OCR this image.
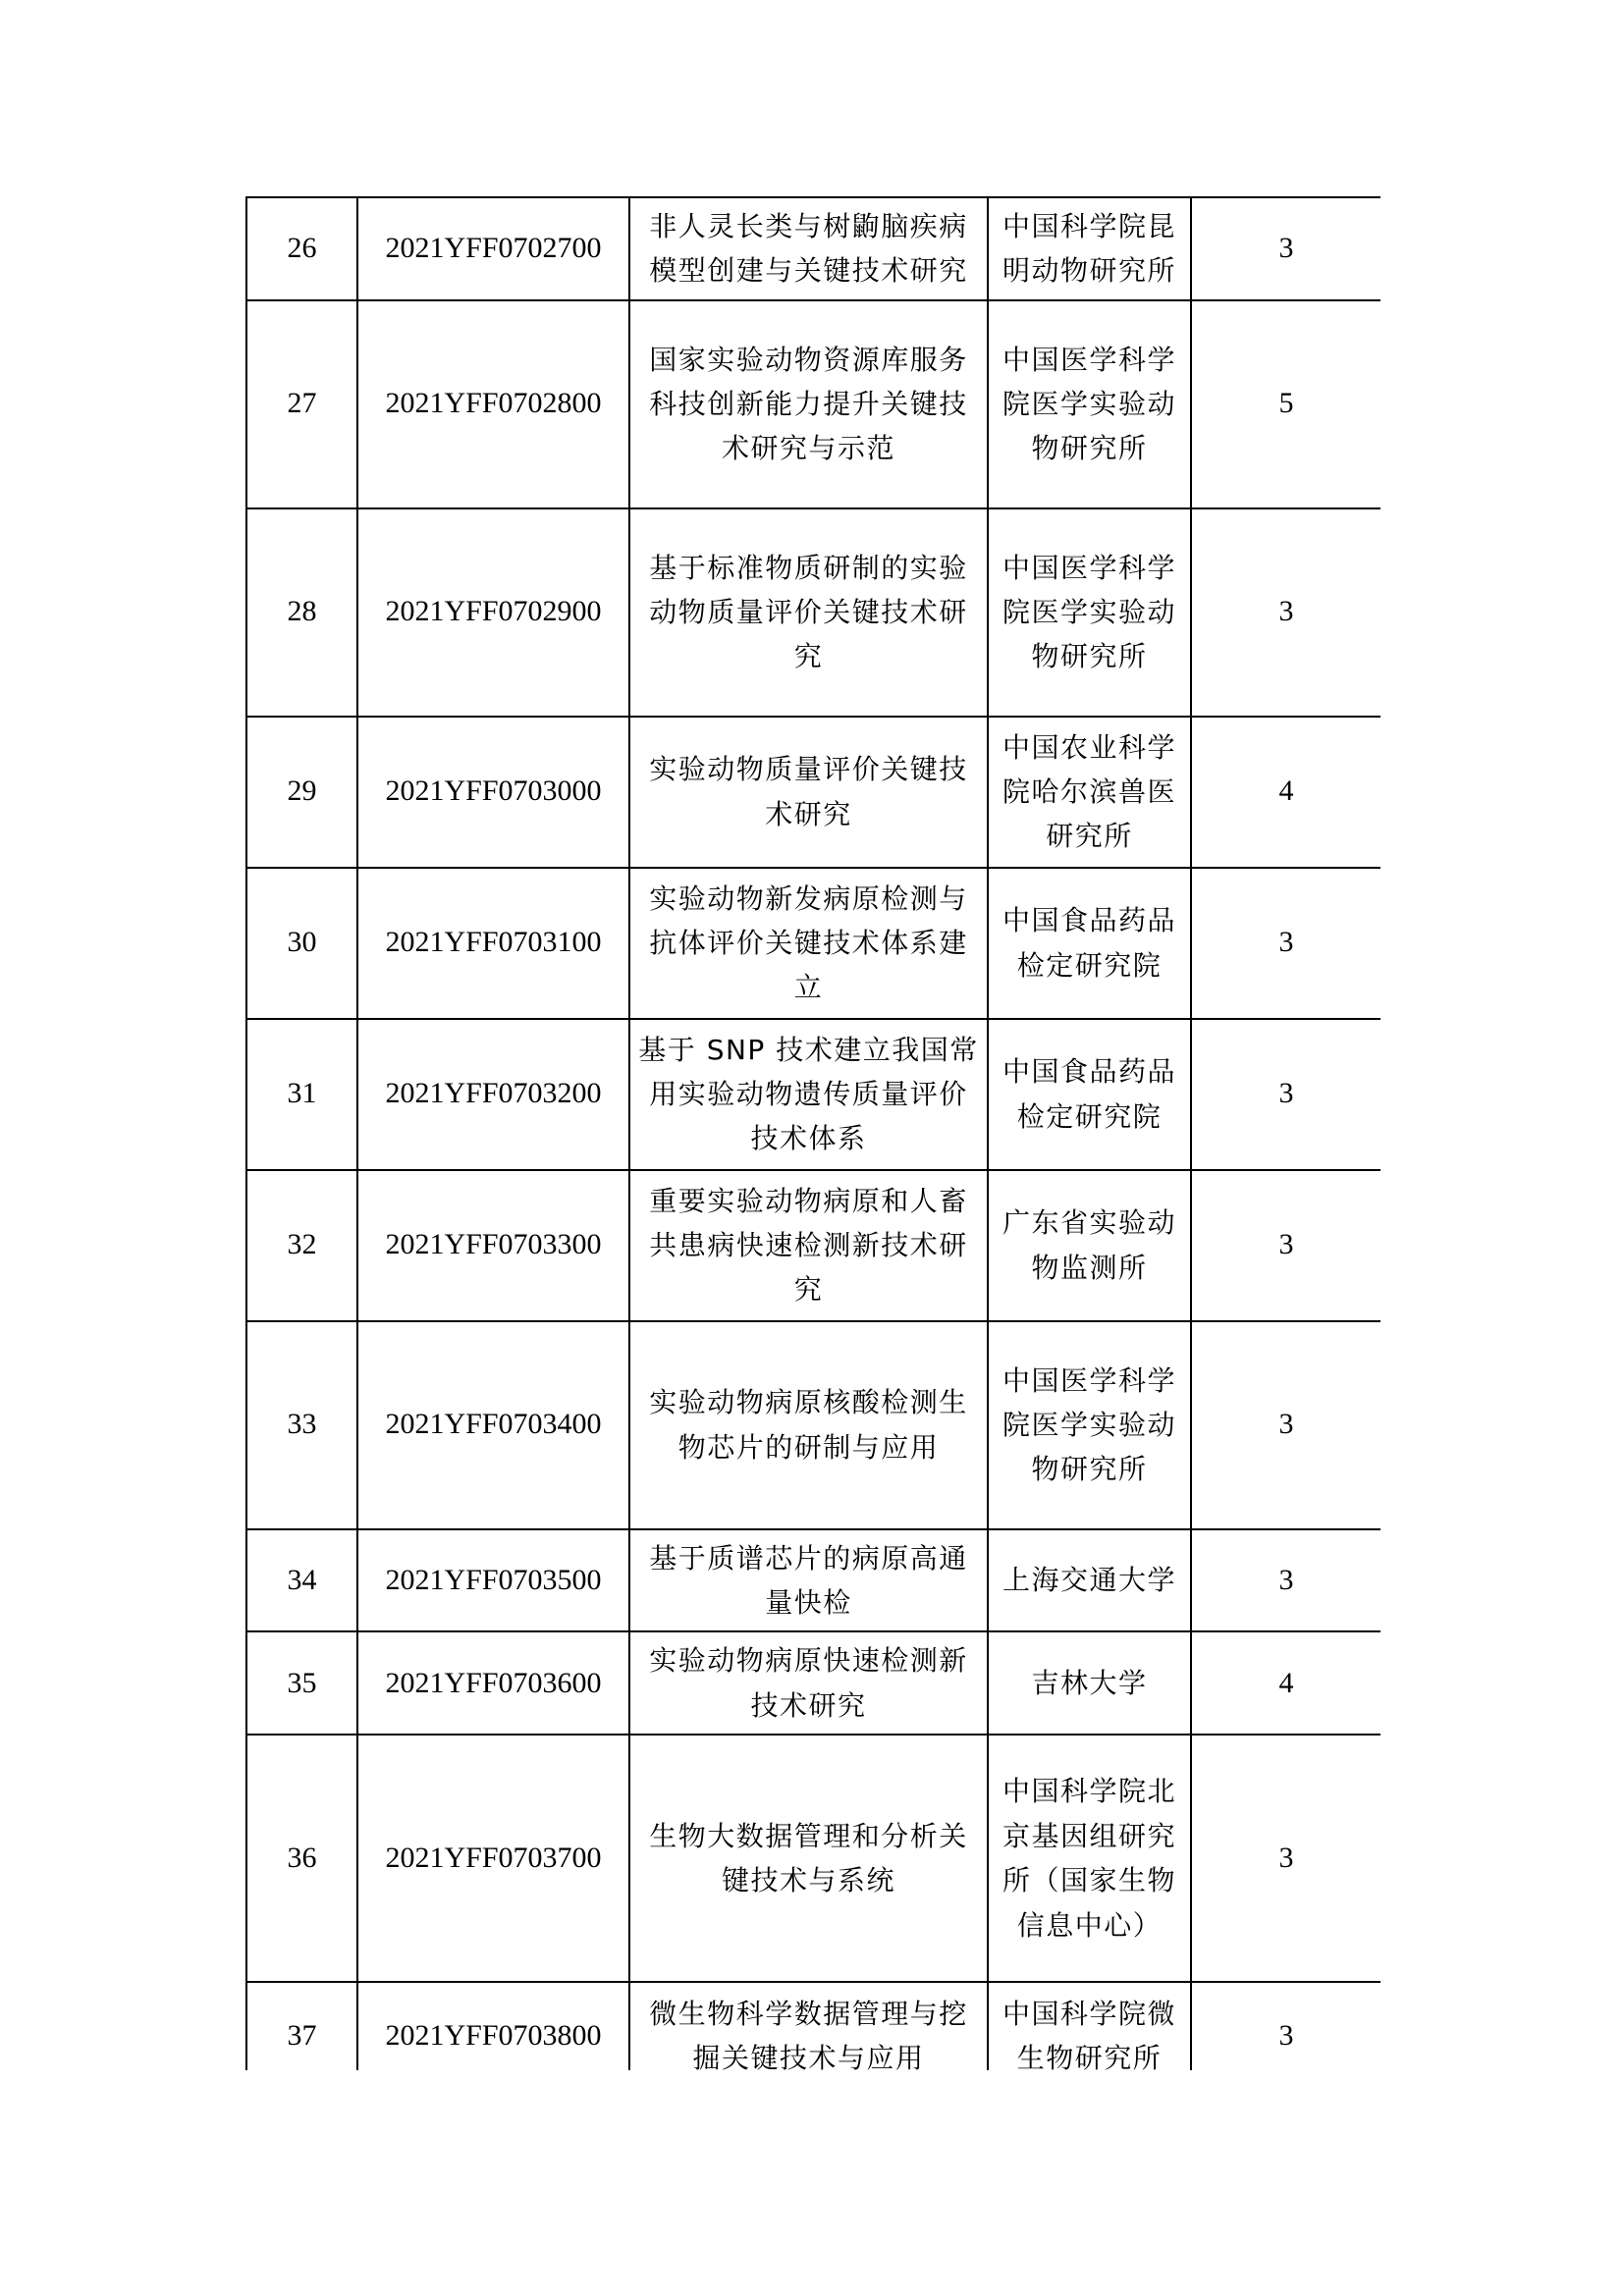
26	2021YFF0702700	非人灵长类与树鼩脑疾病模型创建与关键技术研究	中国科学院昆明动物研究所	3
27	2021YFF0702800	国家实验动物资源库服务科技创新能力提升关键技术研究与示范	中国医学科学院医学实验动物研究所	5
28	2021YFF0702900	基于标准物质研制的实验动物质量评价关键技术研究	中国医学科学院医学实验动物研究所	3
29	2021YFF0703000	实验动物质量评价关键技术研究	中国农业科学院哈尔滨兽医研究所	4
30	2021YFF0703100	实验动物新发病原检测与抗体评价关键技术体系建立	中国食品药品检定研究院	3
31	2021YFF0703200	基于 SNP 技术建立我国常用实验动物遗传质量评价技术体系	中国食品药品检定研究院	3
32	2021YFF0703300	重要实验动物病原和人畜共患病快速检测新技术研究	广东省实验动物监测所	3
33	2021YFF0703400	实验动物病原核酸检测生物芯片的研制与应用	中国医学科学院医学实验动物研究所	3
34	2021YFF0703500	基于质谱芯片的病原高通量快检	上海交通大学	3
35	2021YFF0703600	实验动物病原快速检测新技术研究	吉林大学	4
36	2021YFF0703700	生物大数据管理和分析关键技术与系统	中国科学院北京基因组研究所（国家生物信息中心）	3
37	2021YFF0703800	微生物科学数据管理与挖掘关键技术与应用	中国科学院微生物研究所	3
